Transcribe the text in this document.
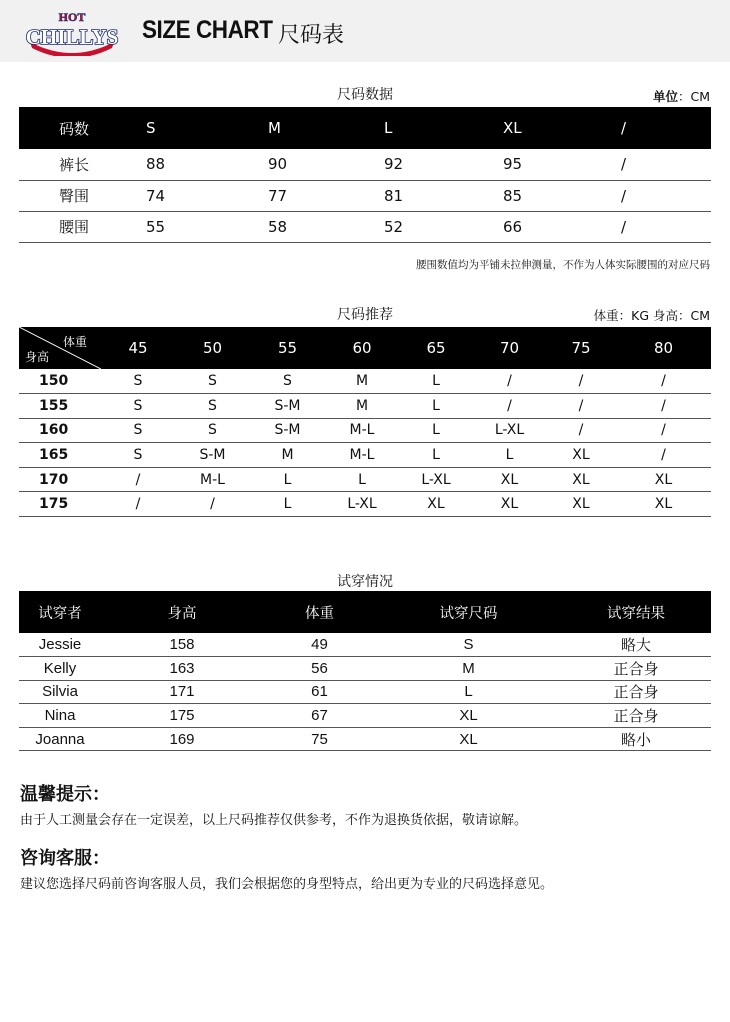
HOT
CHILLYS SIZE CHART 尺码表
尺码数据	单位：CM
码数	S	M	L	XL	/
裤长	88	90	92	95	/
臀围	74	77	81	85	/
腰围	55	58	52	66	/
腰围数值均为平铺未拉伸测量，不作为人体实际腰围的对应尺码
尺码推荐	体重：KG 身高：CM
体重
身高	45	50	55	60	65	70	75	80
150	S	S	S	M	L	/	/	/
155	S	S	S-M	M	L	/	/	/
160	S	S	S-M	M-L	L	L-XL	/	/
165	S	S-M	M	M-L	L	L	XL	/
170	/	M-L	L	L	L-XL	XL	XL	XL
175	/	/	L	L-XL	XL	XL	XL	XL
试穿情况
试穿者	身高	体重	试穿尺码	试穿结果
Jessie	158	49	S	略大
Kelly	163	56	M	正合身
Silvia	171	61	L	正合身
Nina	175	67	XL	正合身
Joanna	169	75	XL	略小
温馨提示：
由于人工测量会存在一定误差，以上尺码推荐仅供参考，不作为退换货依据，敬请谅解。
咨询客服：
建议您选择尺码前咨询客服人员，我们会根据您的身型特点，给出更为专业的尺码选择意见。
